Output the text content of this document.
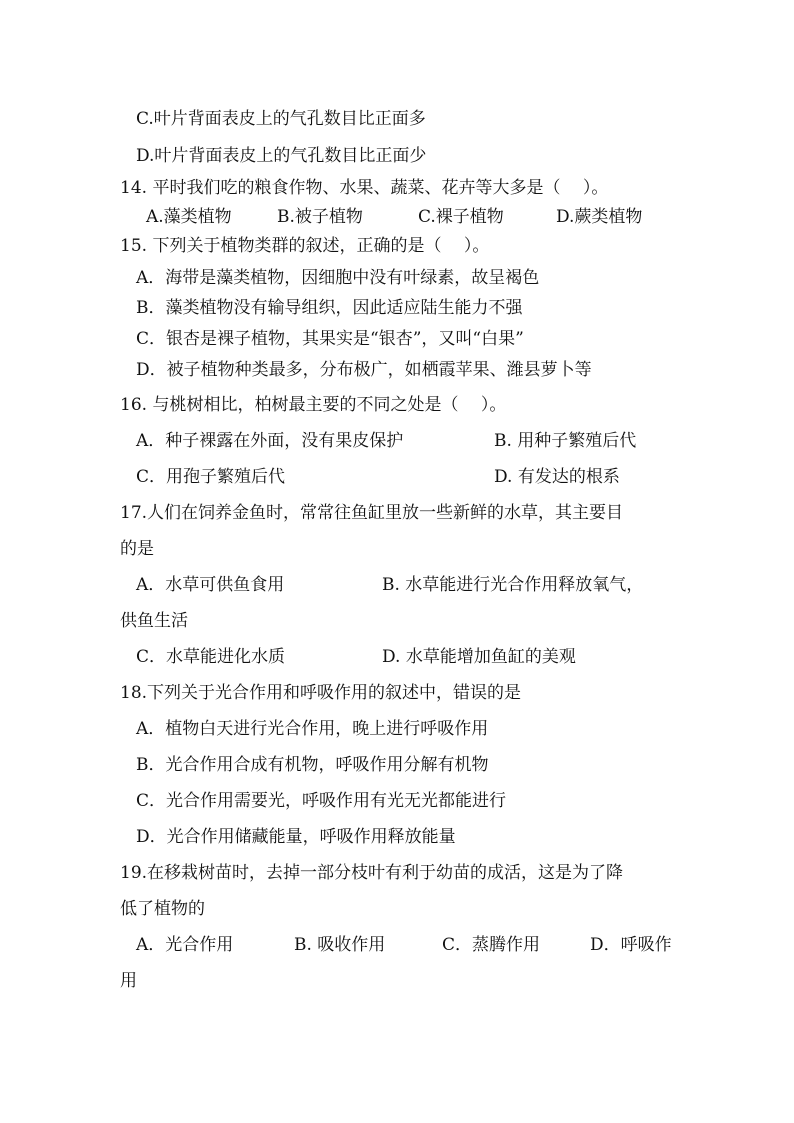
C.叶片背面表皮上的气孔数目比正面多
D.叶片背面表皮上的气孔数目比正面少
14. 平时我们吃的粮食作物、水果、蔬菜、花卉等大多是（　 ）。
A.藻类植物	B.被子植物	C.裸子植物	D.蕨类植物
15. 下列关于植物类群的叙述，正确的是（　 ）。
A．海带是藻类植物，因细胞中没有叶绿素，故呈褐色
B．藻类植物没有输导组织，因此适应陆生能力不强
C．银杏是裸子植物，其果实是“银杏”，又叫“白果”
D．被子植物种类最多，分布极广，如栖霞苹果、潍县萝卜等
16. 与桃树相比，柏树最主要的不同之处是（　 ）。
A．种子裸露在外面，没有果皮保护	B. 用种子繁殖后代
C．用孢子繁殖后代	D. 有发达的根系
17.人们在饲养金鱼时，常常往鱼缸里放一些新鲜的水草，其主要目
的是
A．水草可供鱼食用	B. 水草能进行光合作用释放氧气，
供鱼生活
C．水草能进化水质	D. 水草能增加鱼缸的美观
18.下列关于光合作用和呼吸作用的叙述中，错误的是
A．植物白天进行光合作用，晚上进行呼吸作用
B．光合作用合成有机物，呼吸作用分解有机物
C．光合作用需要光，呼吸作用有光无光都能进行
D．光合作用储藏能量，呼吸作用释放能量
19.在移栽树苗时，去掉一部分枝叶有利于幼苗的成活，这是为了降
低了植物的
A．光合作用	B. 吸收作用	C．蒸腾作用	D．呼吸作
用
